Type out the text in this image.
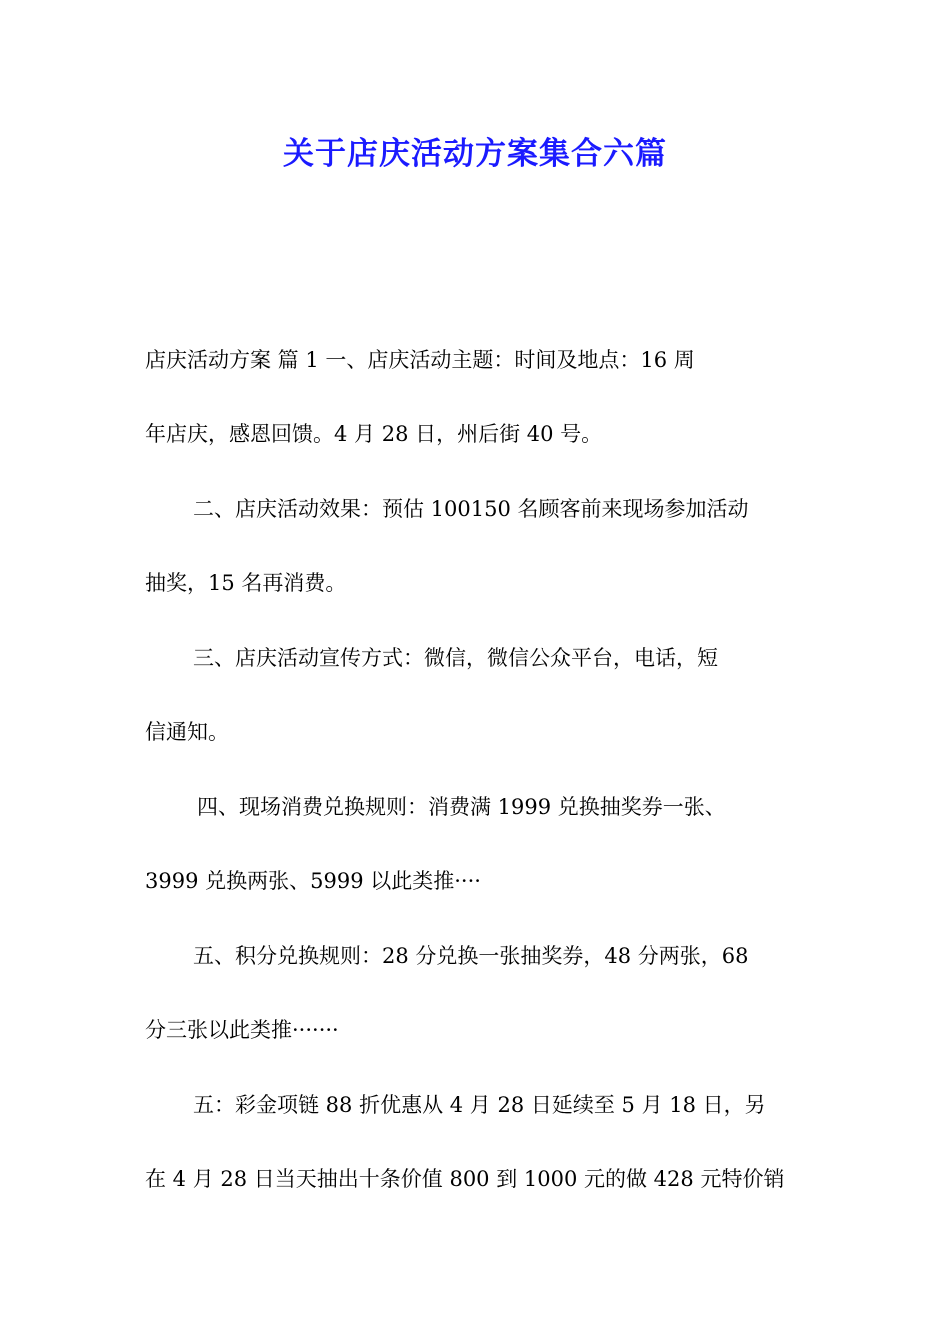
关于店庆活动方案集合六篇
店庆活动方案 篇 1 一、店庆活动主题：时间及地点：16 周
年店庆，感恩回馈。4 月 28 日，州后街 40 号。
二、店庆活动效果：预估 100150 名顾客前来现场参加活动
抽奖，15 名再消费。
三、店庆活动宣传方式：微信，微信公众平台，电话，短
信通知。
四、现场消费兑换规则：消费满 1999 兑换抽奖券一张、
3999 兑换两张、5999 以此类推····
五、积分兑换规则：28 分兑换一张抽奖券，48 分两张，68
分三张以此类推·······
五：彩金项链 88 折优惠从 4 月 28 日延续至 5 月 18 日，另
在 4 月 28 日当天抽出十条价值 800 到 1000 元的做 428 元特价销
